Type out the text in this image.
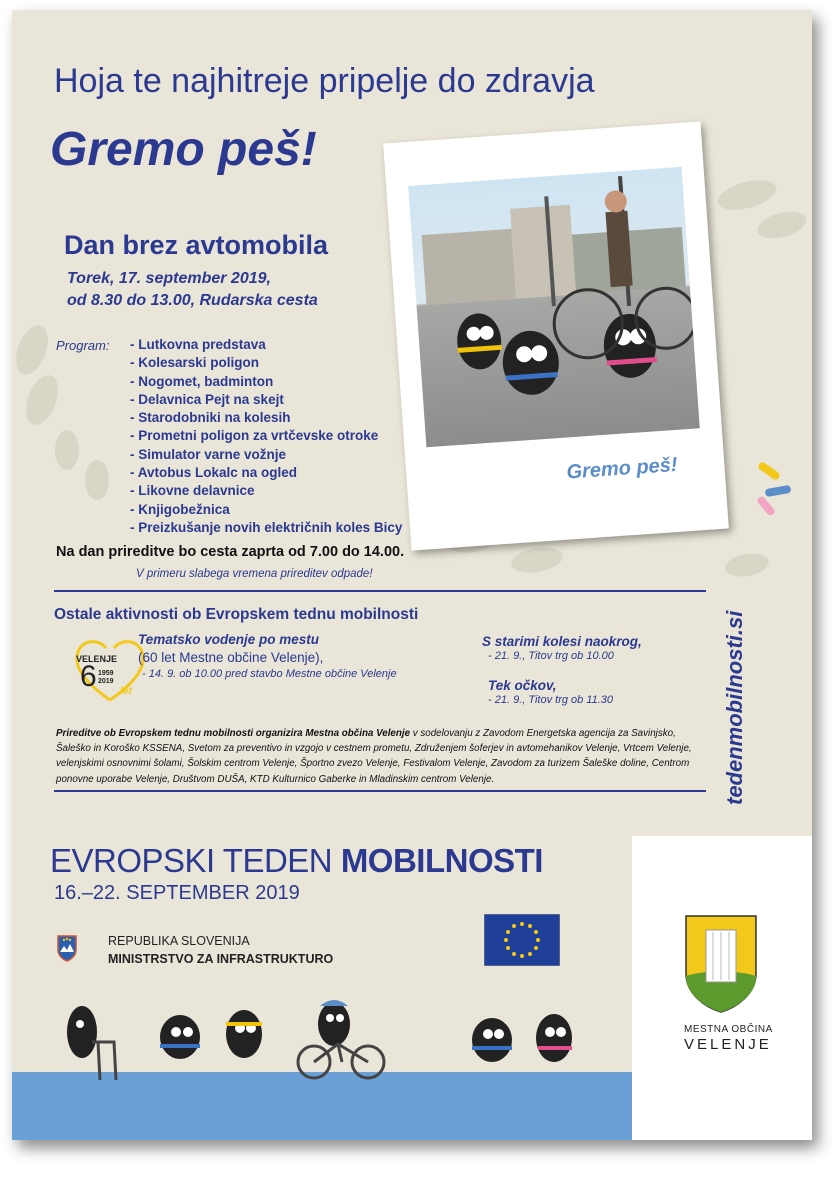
Hoja te najhitreje pripelje do zdravja
Gremo peš!
Dan brez avtomobila
Torek, 17. september 2019,
od 8.30 do 13.00, Rudarska cesta
Program: - Lutkovna predstava
- Kolesarski poligon
- Nogomet, badminton
- Delavnica Pejt na skejt
- Starodobniki na kolesih
- Prometni poligon za vrtčevske otroke
- Simulator varne vožnje
- Avtobus Lokalc na ogled
- Likovne delavnice
- Knjigobežnica
- Preizkušanje novih električnih koles Bicy
Gremo peš!
Na dan prireditve bo cesta zaprta od 7.00 do 14.00.
V primeru slabega vremena prireditev odpade!
Ostale aktivnosti ob Evropskem tednu mobilnosti
VELENJE
6 1959 2019
let
Tematsko vodenje po mestu
(60 let Mestne občine Velenje),
- 14. 9. ob 10.00 pred stavbo Mestne občine Velenje
S starimi kolesi naokrog,
- 21. 9., Titov trg ob 10.00
Tek očkov,
- 21. 9., Titov trg ob 11.30
Prireditve ob Evropskem tednu mobilnosti organizira Mestna občina Velenje v sodelovanju z Zavodom Energetska agencija za Savinjsko, Šaleško in Koroško KSSENA, Svetom za preventivo in vzgojo v cestnem prometu, Združenjem šoferjev in avtomehanikov Velenje, Vrtcem Velenje, velenjskimi osnovnimi šolami, Šolskim centrom Velenje, Športno zvezo Velenje, Festivalom Velenje, Zavodom za turizem Šaleške doline, Centrom ponovne uporabe Velenje, Društvom DUŠA, KTD Kulturnico Gaberke in Mladinskim centrom Velenje.	tedenmobilnosti.si
EVROPSKI TEDEN MOBILNOSTI
16.–22. SEPTEMBER 2019
REPUBLIKA SLOVENIJA
MINISTRSTVO ZA INFRASTRUKTURO
MESTNA OBČINA
VELENJE
